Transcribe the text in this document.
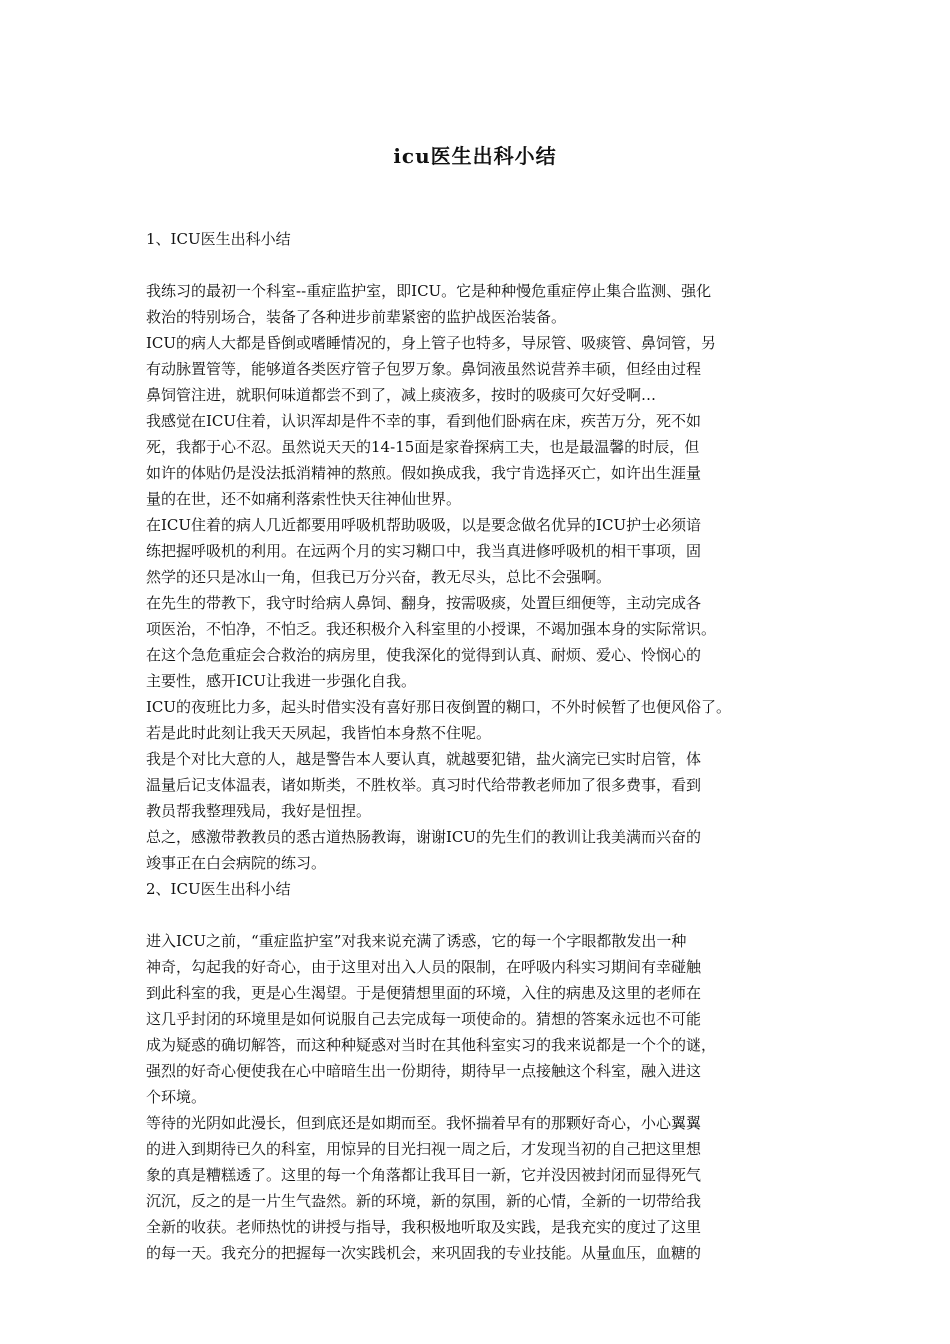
icu医生出科小结
1、ICU医生出科小结
我练习的最初一个科室--重症监护室，即ICU。它是种种慢危重症停止集合监测、强化
救治的特别场合，装备了各种进步前辈紧密的监护战医治装备。
ICU的病人大都是昏倒或嗜睡情况的，身上管子也特多，导尿管、吸痰管、鼻饲管，另
有动脉置管等，能够道各类医疗管子包罗万象。鼻饲液虽然说营养丰硕，但经由过程
鼻饲管注进，就职何味道都尝不到了，减上痰液多，按时的吸痰可欠好受啊…
我感觉在ICU住着，认识浑却是件不幸的事，看到他们卧病在床，疾苦万分，死不如
死，我都于心不忍。虽然说天天的14-15面是家眷探病工夫，也是最温馨的时辰，但
如许的体贴仍是没法抵消精神的熬煎。假如换成我，我宁肯选择灭亡，如许出生涯量
量的在世，还不如痛利落索性快天往神仙世界。
在ICU住着的病人几近都要用呼吸机帮助吸吸，以是要念做名优异的ICU护士必须谙
练把握呼吸机的利用。在远两个月的实习糊口中，我当真进修呼吸机的相干事项，固
然学的还只是冰山一角，但我已万分兴奋，教无尽头，总比不会强啊。
在先生的带教下，我守时给病人鼻饲、翻身，按需吸痰，处置巨细便等，主动完成各
项医治，不怕净，不怕乏。我还积极介入科室里的小授课，不竭加强本身的实际常识。
在这个急危重症会合救治的病房里，使我深化的觉得到认真、耐烦、爱心、怜悯心的
主要性，感开ICU让我进一步强化自我。
ICU的夜班比力多，起头时借实没有喜好那日夜倒置的糊口，不外时候暂了也便风俗了。
若是此时此刻让我天天夙起，我皆怕本身熬不住呢。
我是个对比大意的人，越是警告本人要认真，就越要犯错，盐火滴完已实时启管，体
温量后记支体温表，诸如斯类，不胜枚举。真习时代给带教老师加了很多费事，看到
教员帮我整理残局，我好是忸捏。
总之，感激带教教员的悉古道热肠教诲，谢谢ICU的先生们的教训让我美满而兴奋的
竣事正在白会病院的练习。
2、ICU医生出科小结
进入ICU之前，“重症监护室”对我来说充满了诱惑，它的每一个字眼都散发出一种
神奇，勾起我的好奇心，由于这里对出入人员的限制，在呼吸内科实习期间有幸碰触
到此科室的我，更是心生渴望。于是便猜想里面的环境，入住的病患及这里的老师在
这几乎封闭的环境里是如何说服自己去完成每一项使命的。猜想的答案永远也不可能
成为疑惑的确切解答，而这种种疑惑对当时在其他科室实习的我来说都是一个个的谜，
强烈的好奇心便使我在心中暗暗生出一份期待，期待早一点接触这个科室，融入进这
个环境。
等待的光阴如此漫长，但到底还是如期而至。我怀揣着早有的那颗好奇心，小心翼翼
的进入到期待已久的科室，用惊异的目光扫视一周之后，才发现当初的自己把这里想
象的真是糟糕透了。这里的每一个角落都让我耳目一新，它并没因被封闭而显得死气
沉沉，反之的是一片生气盎然。新的环境，新的氛围，新的心情，全新的一切带给我
全新的收获。老师热忱的讲授与指导，我积极地听取及实践，是我充实的度过了这里
的每一天。我充分的把握每一次实践机会，来巩固我的专业技能。从量血压，血糖的
